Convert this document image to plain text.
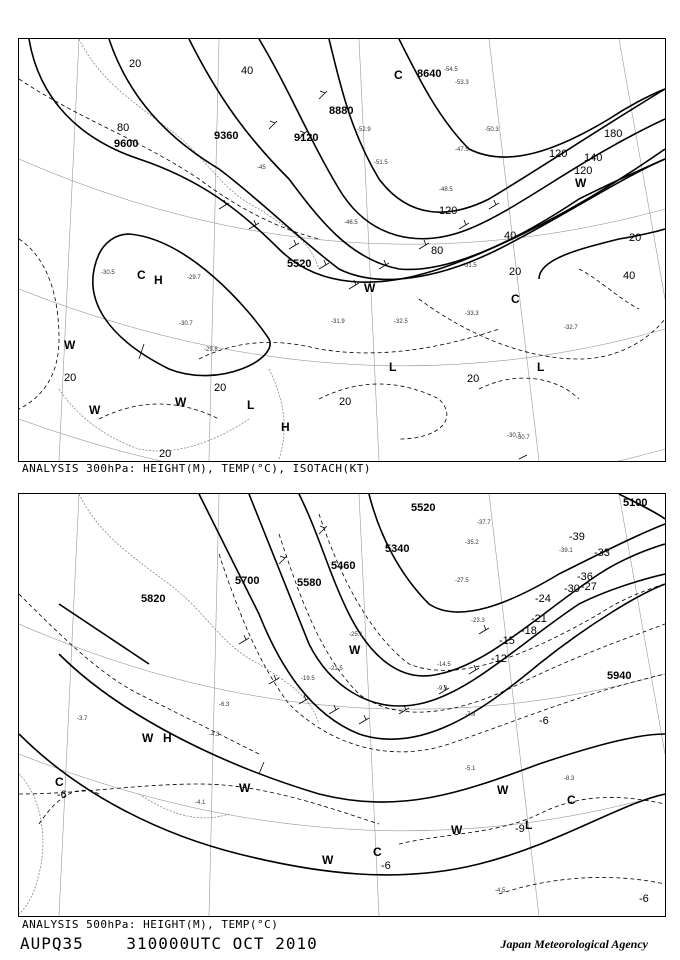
9600
9360	9120
8880
8640
5520
80
40
20
120
180
140
120
120
80
40
20	40
20
20
20
20
20
20
H
C
H
L	L
W
W
W
C
W
C
L
W
-30.5
-29.7
-29.8
-30.7	-32.5
-31.9
-33.3
-32.7
-30.7
-47.5
-50.3
-51.5
-54.5
-53.3
-52.9
-48.5
-45
-46.5
-31.5
-30.7
ANALYSIS 300hPa: HEIGHT(M), TEMP(°C), ISOTACH(KT)
5820
5700	5580
5460
5340
5520	5100
5940
-39
-36
-33
-30 -27
-24
-21
-18
-15
-12
-9
-6
-6
-6
-6
W H
C
W
W	L
C
W
C
W
W
-3.7
-4.3
-4.1
-5.1
-6.3
-8.3
-4.5
-9.3
-7.9
-14.5
-19.5
-21.5
-23.3
-25.1
-27.5
-35.2
-37.7
-39.1
ANALYSIS 500hPa: HEIGHT(M), TEMP(°C)
AUPQ35	310000UTC OCT 2010	Japan Meteorological Agency
